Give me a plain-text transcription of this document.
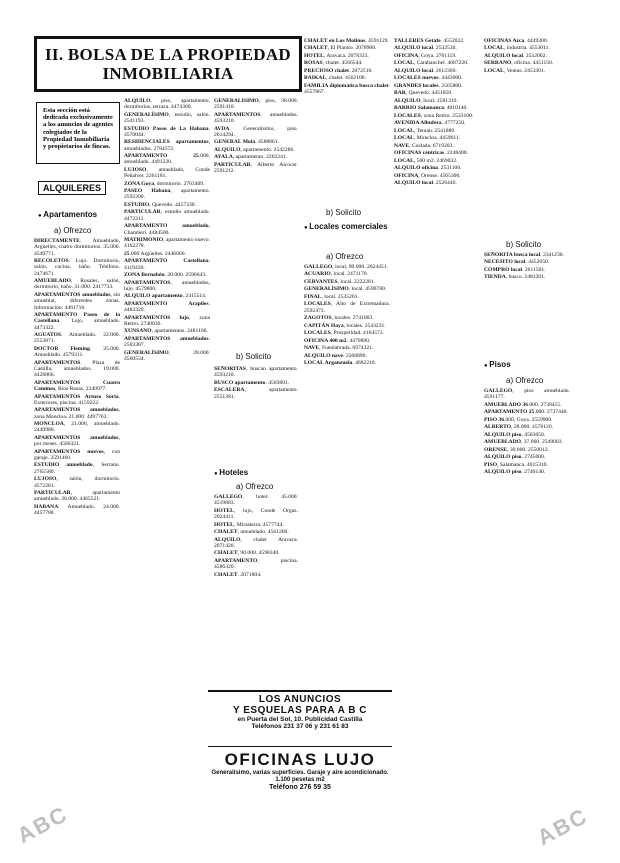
II. BOLSA DE LA PROPIEDAD
INMOBILIARIA
Esta sección está dedicada exclusivamente a los anuncios de agentes colegiados de la Propiedad Inmobiliaria y propietarios de fincas.
ALQUILERES
● Apartamentos
a) Ofrezco

DIRECTAMENTE. Amueblado, Argüelles, cuatro dormitorios. 35.000. 4549771.

RECOLETOS. Lujo. Dormitorio, salón, cocina, baño. Teléfono. 2474671.

AMUEBLADO, Rosales, salón, dormitorio, baño. 31.000. 2417733.

APARTAMENTOS amueblados, sin amueblar, diferentes zonas. Información: 4461716.

APARTAMENTO Paseo de la Castellana. Lujo, amueblado. 4473322.

AGUATOS. Amueblado. 22.000. 2553871.

DOCTOR Fleming. 25.000. Amueblado. 4579311.

APARTAMENTOS. Plaza de Castilla, amueblados. 19.000. 4428866.

APARTAMENTOS Cuatro Caminos, Ríos Rosas. 2340977.

APARTAMENTOS Arturo Soria. Exteriores, piscina. 4159222.

APARTAMENTOS amueblados, zona Moncloa. 21.000. 4497763.

MONCLOA, 21.000, amueblado. 2449980.

APARTAMENTOS amueblados, por meses. 4586321.

APARTAMENTOS nuevos, con garaje. 2591460.

ESTUDIO amueblado, Serrano. 2765580.

LUJOSO, salón, dormitorio. 4572281.

PARTICULAR, apartamento amueblado. 26.000. 4465521.

HABANA. Amueblado. 24.000. 4457788.

ALQUILO, piso, apartamento, dormitorios, terraza. 4474300.

GENERALÍSIMO, estudio, salón. 2541193.

ESTUDIO Paseo de La Habana. 4570044.

RESIDENCIALES apartamentos, amueblados. 2784572.

APARTAMENTO 25.000, amueblado. 4491220.

LUJOSO, amueblado, Conde Peñalver. 2261181.

ZONA Goya, dormitorio. 2763409.

PASEO Habana, apartamento. 2592200.

ESTUDIO, Quevedo. 4457330.

PARTICULAR, estudio amueblado. 4472211.

APARTAMENTO amueblado, Chamberí. 4484500.

MATRIMONIO, apartamento nuevo. 4162278.

25.000 Argüelles. 2446060.

APARTAMENTO Castellana. 4119430.

ZONA Bernabéu. 20.000. 2596643.

APARTAMENTOS, amueblados, lujo. 4579800.

ALQUILO apartamento. 2415514.

APARTAMENTO Arapiles. 4483329.

APARTAMENTOS lujo, zona Retiro. 2740036.

XUNSANO, apartamentos. 2481166.

APARTAMENTOS amueblados. 2503387.

GENERALÍSIMO, 28.000. 4560534.

GENERALÍSIMO, piso, 38.000. 2591410.

APARTAMENTOS, amueblados. 4593210.

AVDA. Generalísimo, piso. 2614294.

GENERAL Mola. 4588861.

ALQUILO, apartamento. 2542286.

AYALA, apartamento. 2262241.

PARTICULAR, Alberto Alcocer. 2591212.

b) Solicito

SEÑORITAS, buscan apartamento. 4593210.

BUSCO apartamento. 4583801.

ESCALERA, apartamento. 2551381.

● Hoteles
a) Ofrezco

GALLEGO, hotel. 45.000. 4519883.

HOTEL, lujo, Conde Orgaz. 2024411.

HOTEL, Mirasierra. 4577744.

CHALET, amueblado. 4561260.

ALQUILO, chalet Aravaca. 2071420.

CHALET, 90.000. 4598340.

APARTAMENTO, piscina. 4586320.

CHALET. 2071804.

CHALET en Los Molinos. 4591129.

CHALET, El Plantío. 2078900.

HOTEL, Aravaca. 2078333.

ROSAS, chalet. 4566544.

PRECIOSO chalet. 2072510.

BAIKAL, chalet. 4562100.

FAMILIA diplomática busca chalet. 4557867.

b) Solicito
● Locales comerciales
a) Ofrezco

GALLEGO, local, 90.000. 2624451.

ACUARIO, local. 2471170.

CERVANTES, local. 2222281.

GENERALÍSIMO, local. 4590780.

FINAL, local. 2535201.

LOCALES, Alto de Extremadura. 2592473.

ZAGOTOS, locales. 2741003.

CAPITÁN Haya, locales. 2543231.

LOCALES, Prosperidad. 4164572.

OFICINA 400 m2. 4470890.

NAVE, Fuenlabrada. 6974321.

ALQUILO nave. 2560890.

LOCAL Arganzuela. 4682218.

TALLERES Getafe. 4552022.

ALQUILO local. 2532530.

OFICINA, Goya. 2761119.

LOCAL, Carabanchel. 4687220.

ALQUILO local. 2612360.

LOCALES nuevos. 4443000.

GRANDES locales. 2565800.

BAR, Quevedo. 4451850.

ALQUILO, local. 2581310.

BARRIO Salamanca. 4010140.

LOCALES, zona Retiro. 2533100.

AVENIDA Albufera. 4777250.

LOCAL, Tetuán. 2541880.

LOCAL, Moncloa. 4459611.

NAVE, Coslada. 6719203.

OFICINAS céntricas. 2248400.

LOCAL, 500 m2. 2469032.

ALQUILO oficina. 2531100.

OFICINA, Orense. 4565300.

ALQUILO local. 2526440.

OFICINAS Azca. 4449300.

LOCAL, industria. 4553011.

ALQUILO local. 2532002.

SERRANO, oficina. 4451150.

LOCAL, Ventas. 2453301.

b) Solicito

SEÑORITA busca local. 2341230.

NECESITO local. 4452050.

COMPRO local. 2611501.

TIENDA, busco. 2483201.

● Pisos
a) Ofrezco

GALLEGO, piso amueblado. 4591177.

AMUEBLADO 36.000. 2738455.

APARTAMENTO 25.000. 2737440.

PISO 36.000, Goya. 2559900.

ALBERTO, 28.000. 4578120.

ALQUILO piso. 4583050.

AMUEBLADO, 37.000. 2549003.

ORENSE, 30.000. 2550012.

ALQUILO piso. 2745000.

PISO, Salamanca. 4015310.

ALQUILO piso. 2740140.

LOS ANUNCIOS
Y ESQUELAS PARA A B C
en Puerta del Sol, 10. Publicidad Castilla
Teléfonos 231 37 06 y 231 61 83
OFICINAS LUJO
Generalísimo, varias superficies. Garaje y aire acondicionado. 1.100 pesetas m2
Teléfono 276 59 35
ABC	ABC
